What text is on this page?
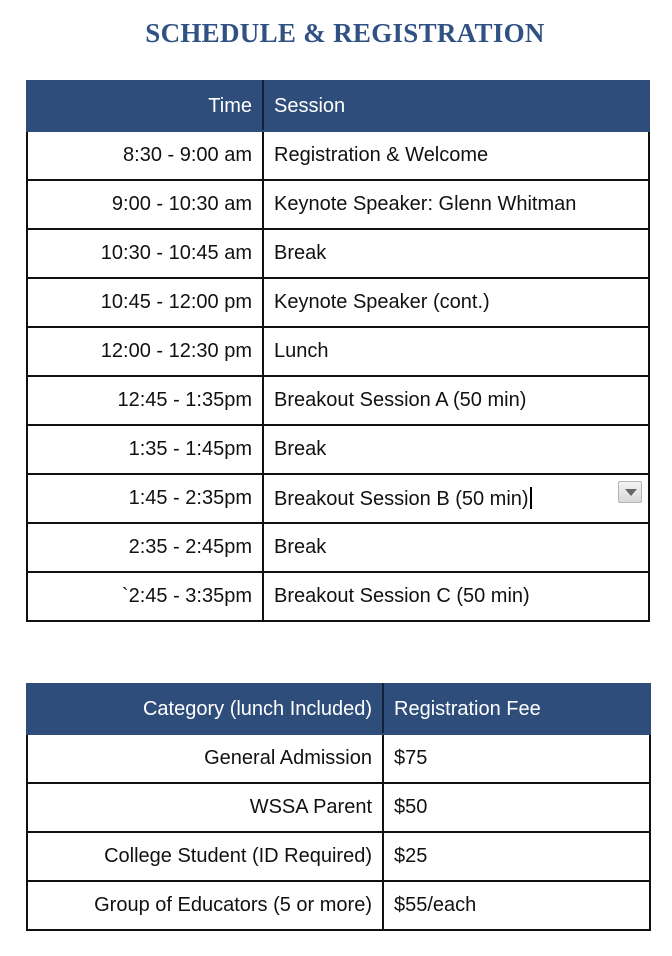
SCHEDULE & REGISTRATION
Time	Session
8:30 - 9:00 am	Registration & Welcome
9:00 - 10:30 am	Keynote Speaker: Glenn Whitman
10:30 - 10:45 am	Break
10:45 - 12:00 pm	Keynote Speaker (cont.)
12:00 - 12:30 pm	Lunch
12:45 - 1:35pm	Breakout Session A (50 min)
1:35 - 1:45pm	Break
1:45 - 2:35pm	Breakout Session B (50 min)

2:35 - 2:45pm	Break
`2:45 - 3:35pm	Breakout Session C (50 min)
Category (lunch Included)	Registration Fee
General Admission	$75
WSSA Parent	$50
College Student (ID Required)	$25
Group of Educators (5 or more)	$55/each
